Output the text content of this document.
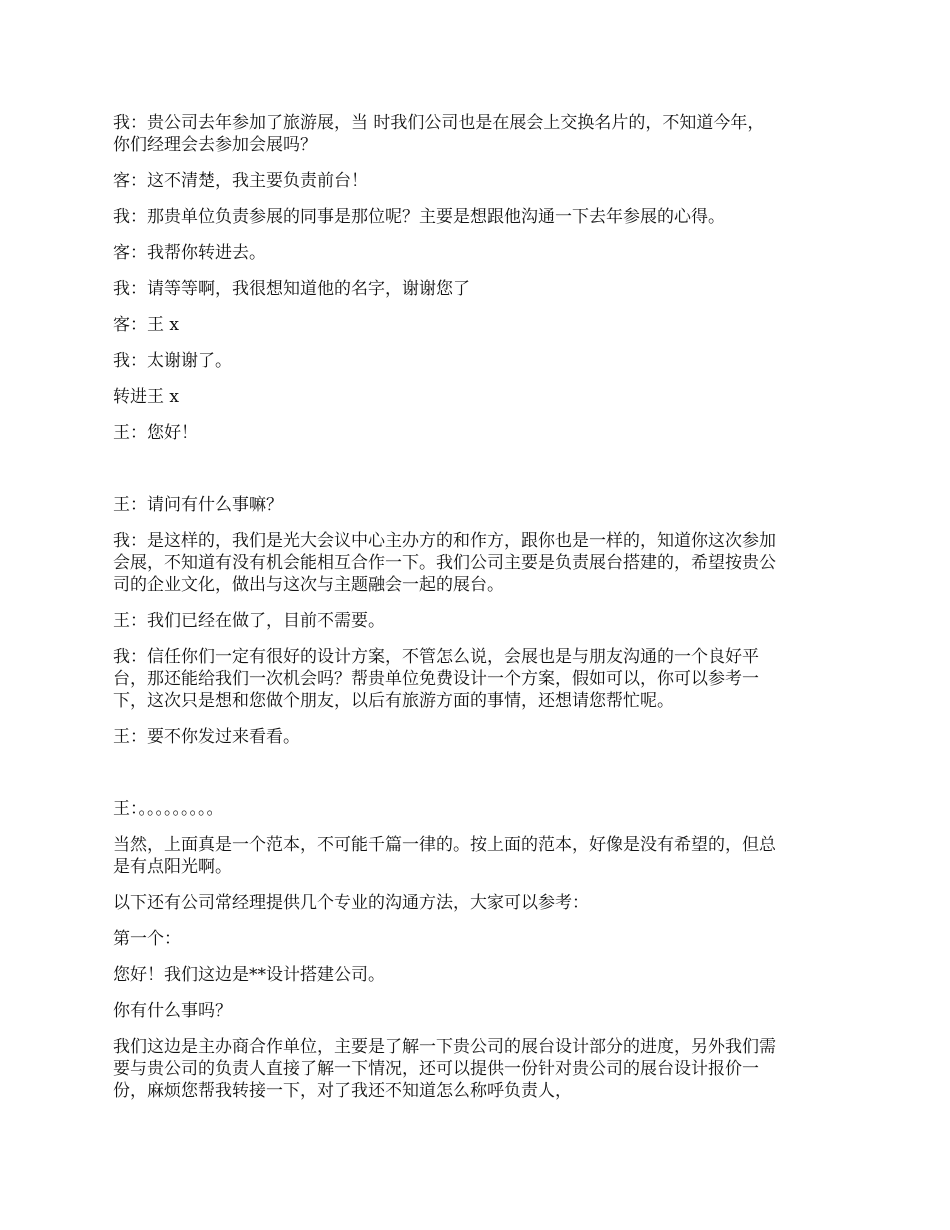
我：贵公司去年参加了旅游展，当 时我们公司也是在展会上交换名片的，不知道今年，
你们经理会去参加会展吗？

客：这不清楚，我主要负责前台！

我：那贵单位负责参展的同事是那位呢？主要是想跟他沟通一下去年参展的心得。

客：我帮你转进去。

我：请等等啊，我很想知道他的名字，谢谢您了

客：王 x

我：太谢谢了。

转进王 x

王：您好！

王：请问有什么事嘛？

我：是这样的，我们是光大会议中心主办方的和作方，跟你也是一样的，知道你这次参加
会展，不知道有没有机会能相互合作一下。我们公司主要是负责展台搭建的，希望按贵公
司的企业文化，做出与这次与主题融会一起的展台。

王：我们已经在做了，目前不需要。

我：信任你们一定有很好的设计方案，不管怎么说，会展也是与朋友沟通的一个良好平
台，那还能给我们一次机会吗？帮贵单位免费设计一个方案，假如可以，你可以参考一
下，这次只是想和您做个朋友，以后有旅游方面的事情，还想请您帮忙呢。

王：要不你发过来看看。

王：。。。。。。。。。

当然，上面真是一个范本，不可能千篇一律的。按上面的范本，好像是没有希望的，但总
是有点阳光啊。

以下还有公司常经理提供几个专业的沟通方法，大家可以参考：

第一个：

您好！我们这边是**设计搭建公司。

你有什么事吗？

我们这边是主办商合作单位，主要是了解一下贵公司的展台设计部分的进度，另外我们需
要与贵公司的负责人直接了解一下情况，还可以提供一份针对贵公司的展台设计报价一
份，麻烦您帮我转接一下，对了我还不知道怎么称呼负责人，
